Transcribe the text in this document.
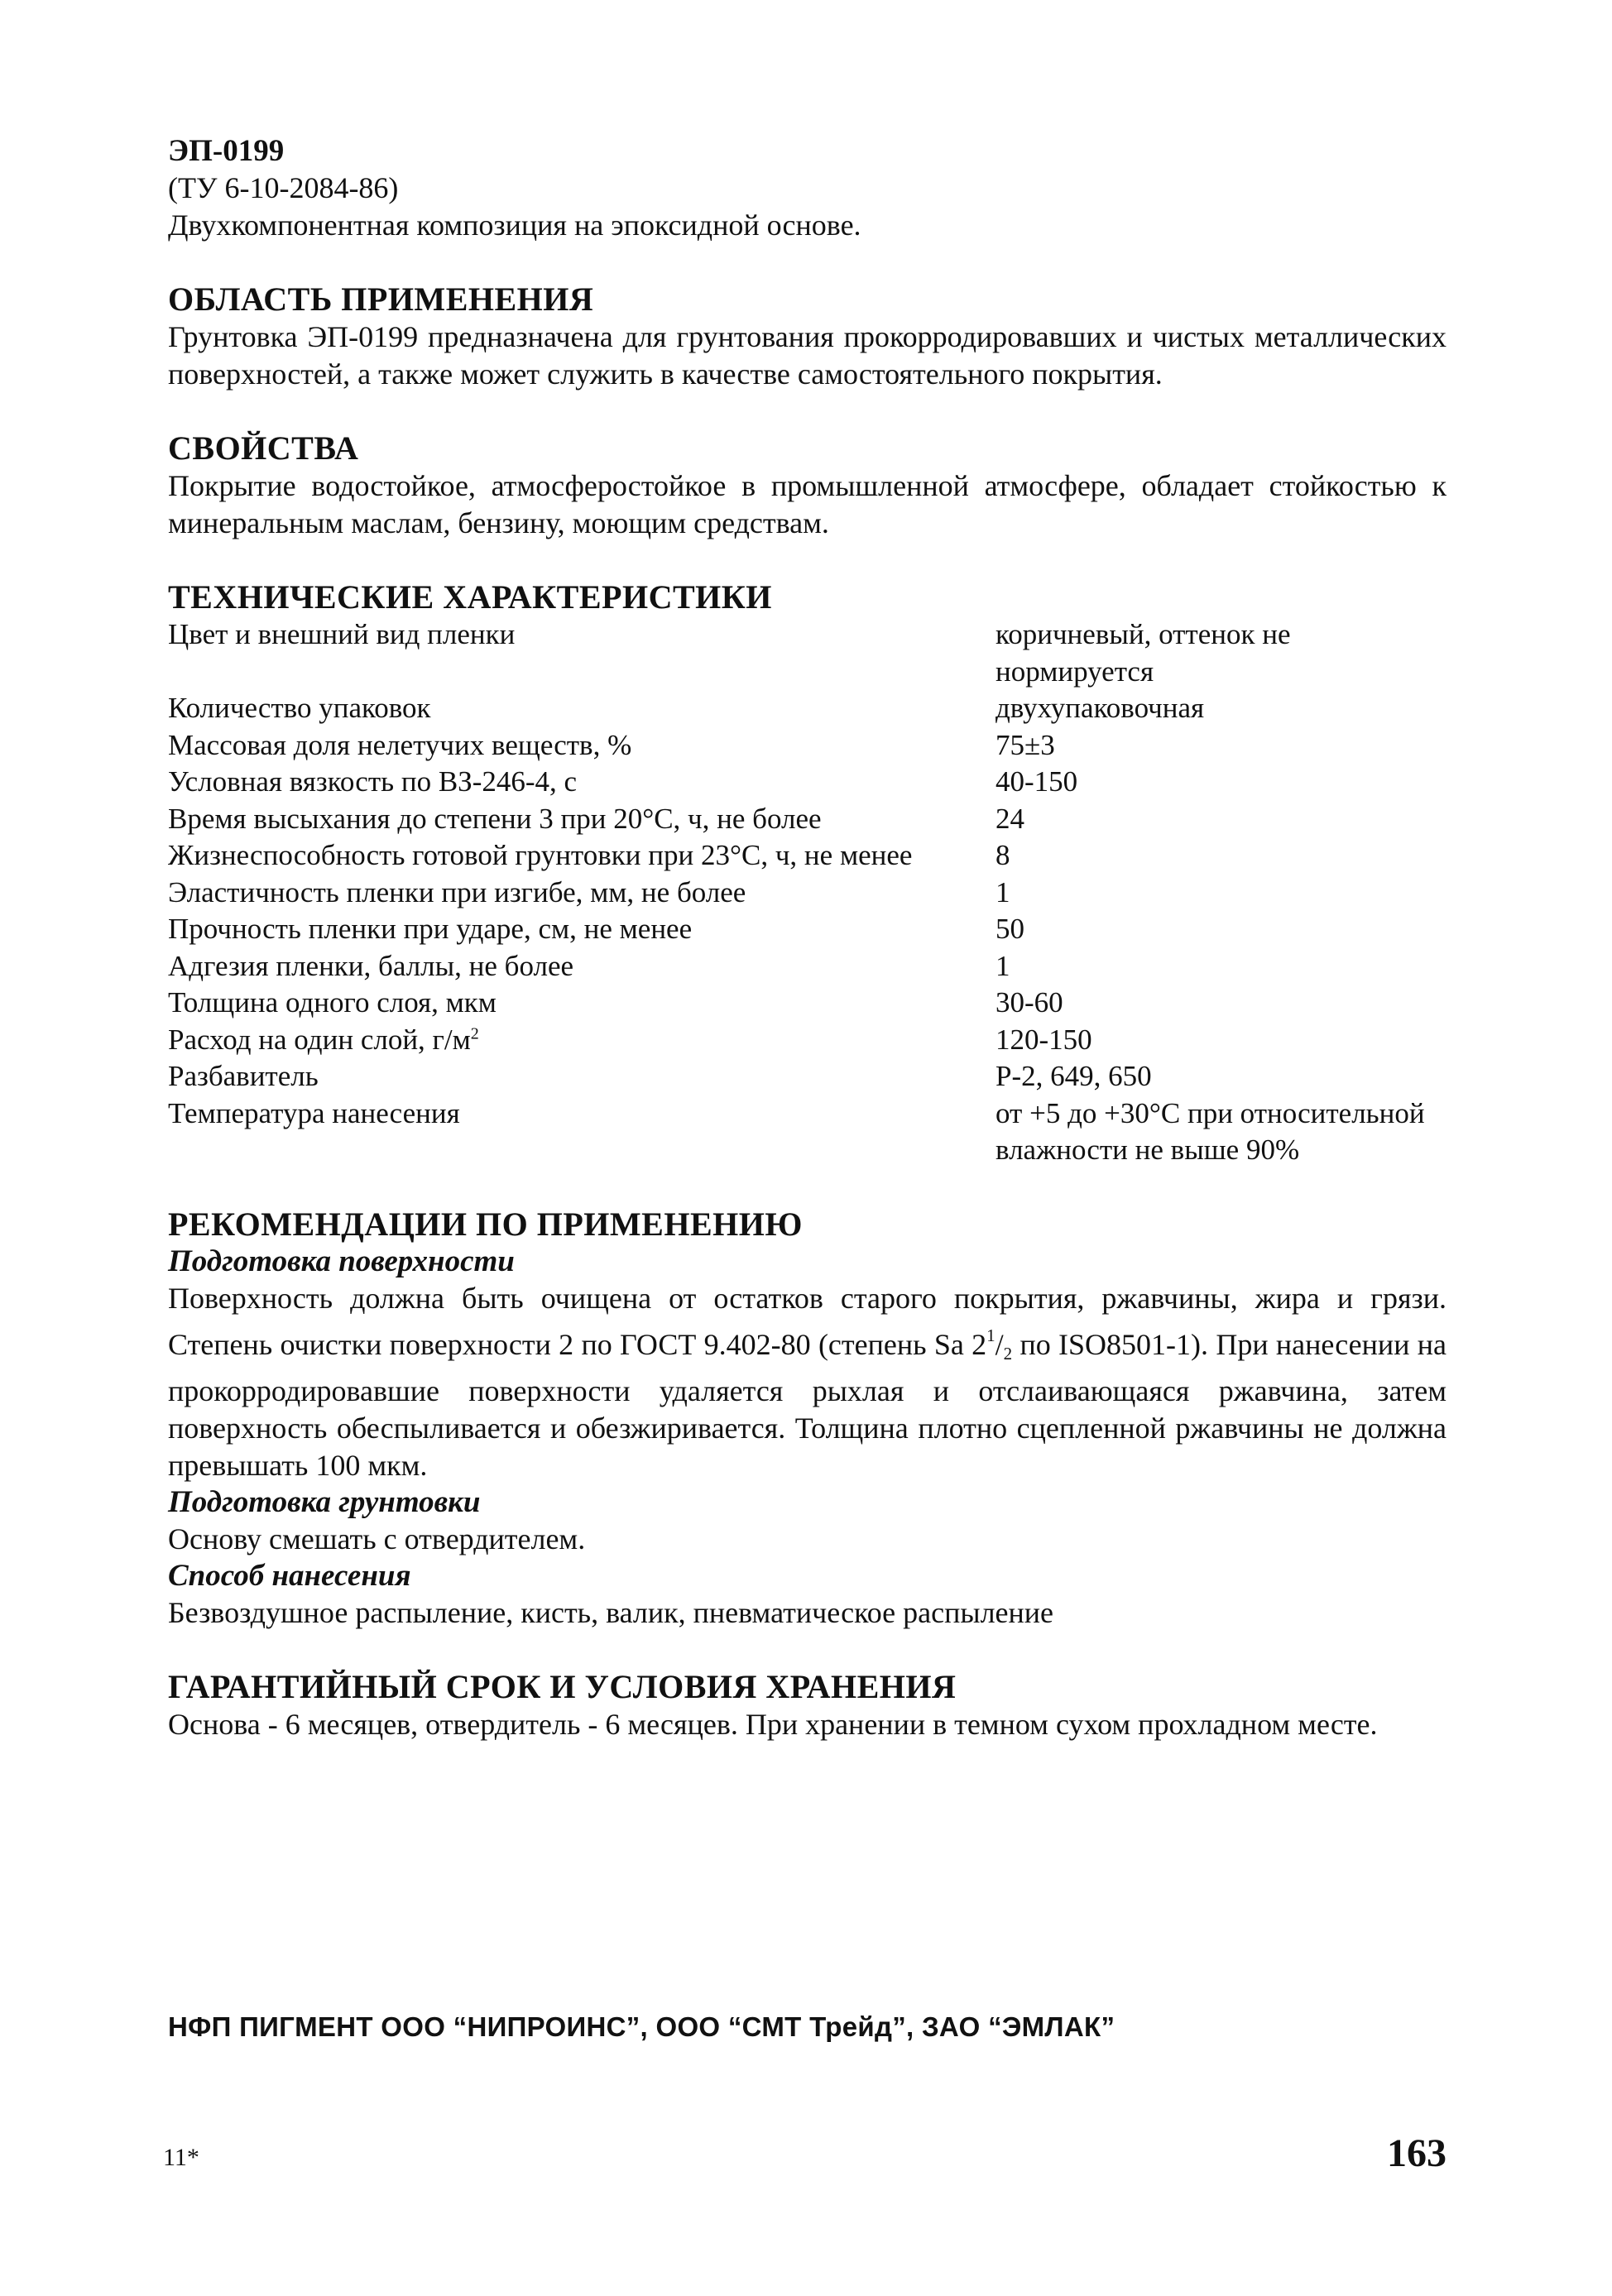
ЭП-0199

(ТУ 6-10-2084-86)

Двухкомпонентная композиция на эпоксидной основе.

ОБЛАСТЬ ПРИМЕНЕНИЯ

Грунтовка ЭП-0199 предназначена для грунтования прокорродировавших и чистых металлических поверхностей, а также может служить в качестве самостоятельного покрытия.

СВОЙСТВА

Покрытие водостойкое, атмосферостойкое в промышленной атмосфере, обладает стойкостью к минеральным маслам, бензину, моющим средствам.

ТЕХНИЧЕСКИЕ ХАРАКТЕРИСТИКИ

Цвет и внешний вид пленки	коричневый, оттенок не нормируется
Количество упаковок	двухупаковочная
Массовая доля нелетучих веществ, %	75±3
Условная вязкость по ВЗ-246-4, с	40-150
Время высыхания до степени 3 при 20°С, ч, не более	24
Жизнеспособность готовой грунтовки при 23°С, ч, не менее	8
Эластичность пленки при изгибе, мм, не более	1
Прочность пленки при ударе, см, не менее	50
Адгезия пленки, баллы, не более	1
Толщина одного слоя, мкм	30-60
Расход на один слой, $г/м^2$	120-150
Разбавитель	Р-2, 649, 650
Температура нанесения	от +5 до +30°С при относительной влажности не выше 90%

РЕКОМЕНДАЦИИ ПО ПРИМЕНЕНИЮ

Подготовка поверхности

Поверхность должна быть очищена от остатков старого покрытия, ржавчины, жира и грязи. Степень очистки поверхности 2 по ГОСТ 9.402-80 (степень Sa 2$^1$/2 по ISO8501-1). При нанесении на прокорродировавшие поверхности удаляется рыхлая и отслаивающаяся ржавчина, затем поверхность обеспыливается и обезжиривается. Толщина плотно сцепленной ржавчины не должна превышать 100 мкм.

Подготовка грунтовки

Основу смешать с отвердителем.

Способ нанесения

Безвоздушное распыление, кисть, валик, пневматическое распыление

ГАРАНТИЙНЫЙ СРОК И УСЛОВИЯ ХРАНЕНИЯ

Основа - 6 месяцев, отвердитель - 6 месяцев. При хранении в темном сухом прохладном месте.

НФП ПИГМЕНТ ООО “НИПРОИНС”, ООО “СМТ Трейд”, ЗАО “ЭМЛАК”
11*	163
